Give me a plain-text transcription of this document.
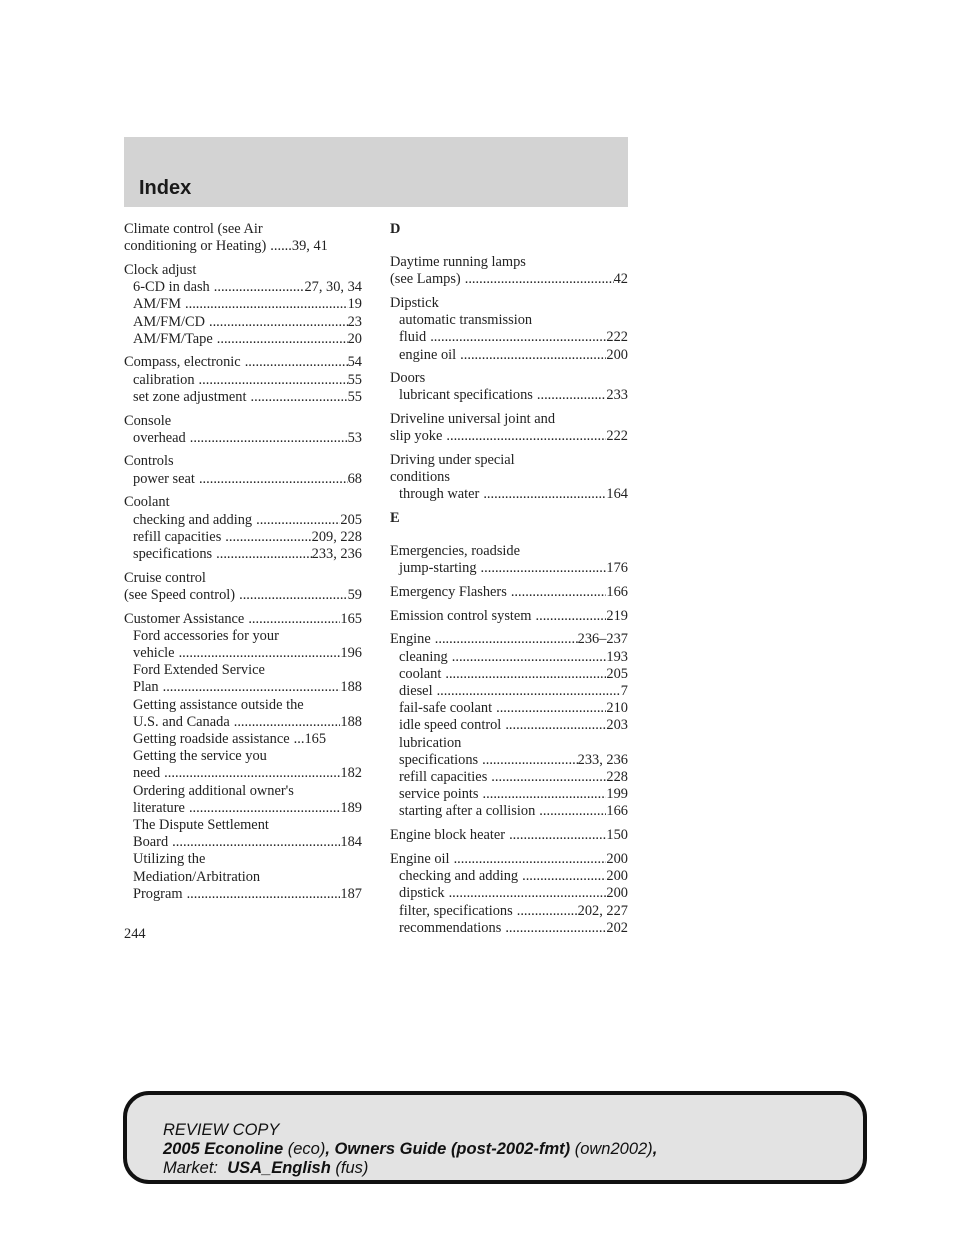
Index
Climate control (see Air
conditioning or Heating) ..... 39, 41
Clock adjust
6-CD in dash .....	27, 30, 34
AM/FM .....	19
AM/FM/CD .....	23
AM/FM/Tape .....	20
Compass, electronic .....	54
calibration .....	55
set zone adjustment .....	55
Console
overhead .....	53
Controls
power seat .....	68
Coolant
checking and adding .....	205
refill capacities .....	209, 228
specifications .....	233, 236
Cruise control
(see Speed control) .....	59
Customer Assistance .....	165
Ford accessories for your
vehicle .....	196
Ford Extended Service
Plan .....	188
Getting assistance outside the
U.S. and Canada .....	188
Getting roadside assistance ..... 165
Getting the service you
need .....	182
Ordering additional owner's
literature .....	189
The Dispute Settlement
Board .....	184
Utilizing the
Mediation/Arbitration
Program .....	187
D
Daytime running lamps
(see Lamps) .....	42
Dipstick
automatic transmission
fluid .....	222
engine oil .....	200
Doors
lubricant specifications .....	233
Driveline universal joint and
slip yoke .....	222
Driving under special
conditions
through water .....	164
E
Emergencies, roadside
jump-starting .....	176
Emergency Flashers .....	166
Emission control system .....	219
Engine .....	236–237
cleaning .....	193
coolant .....	205
diesel .....	7
fail-safe coolant .....	210
idle speed control .....	203
lubrication
specifications .....	233, 236
refill capacities .....	228
service points .....	199
starting after a collision .....	166
Engine block heater .....	150
Engine oil .....	200
checking and adding .....	200
dipstick .....	200
filter, specifications .....	202, 227
recommendations .....	202
244
REVIEW COPY
2005 Econoline (eco), Owners Guide (post-2002-fmt) (own2002),
Market: USA_English (fus)
